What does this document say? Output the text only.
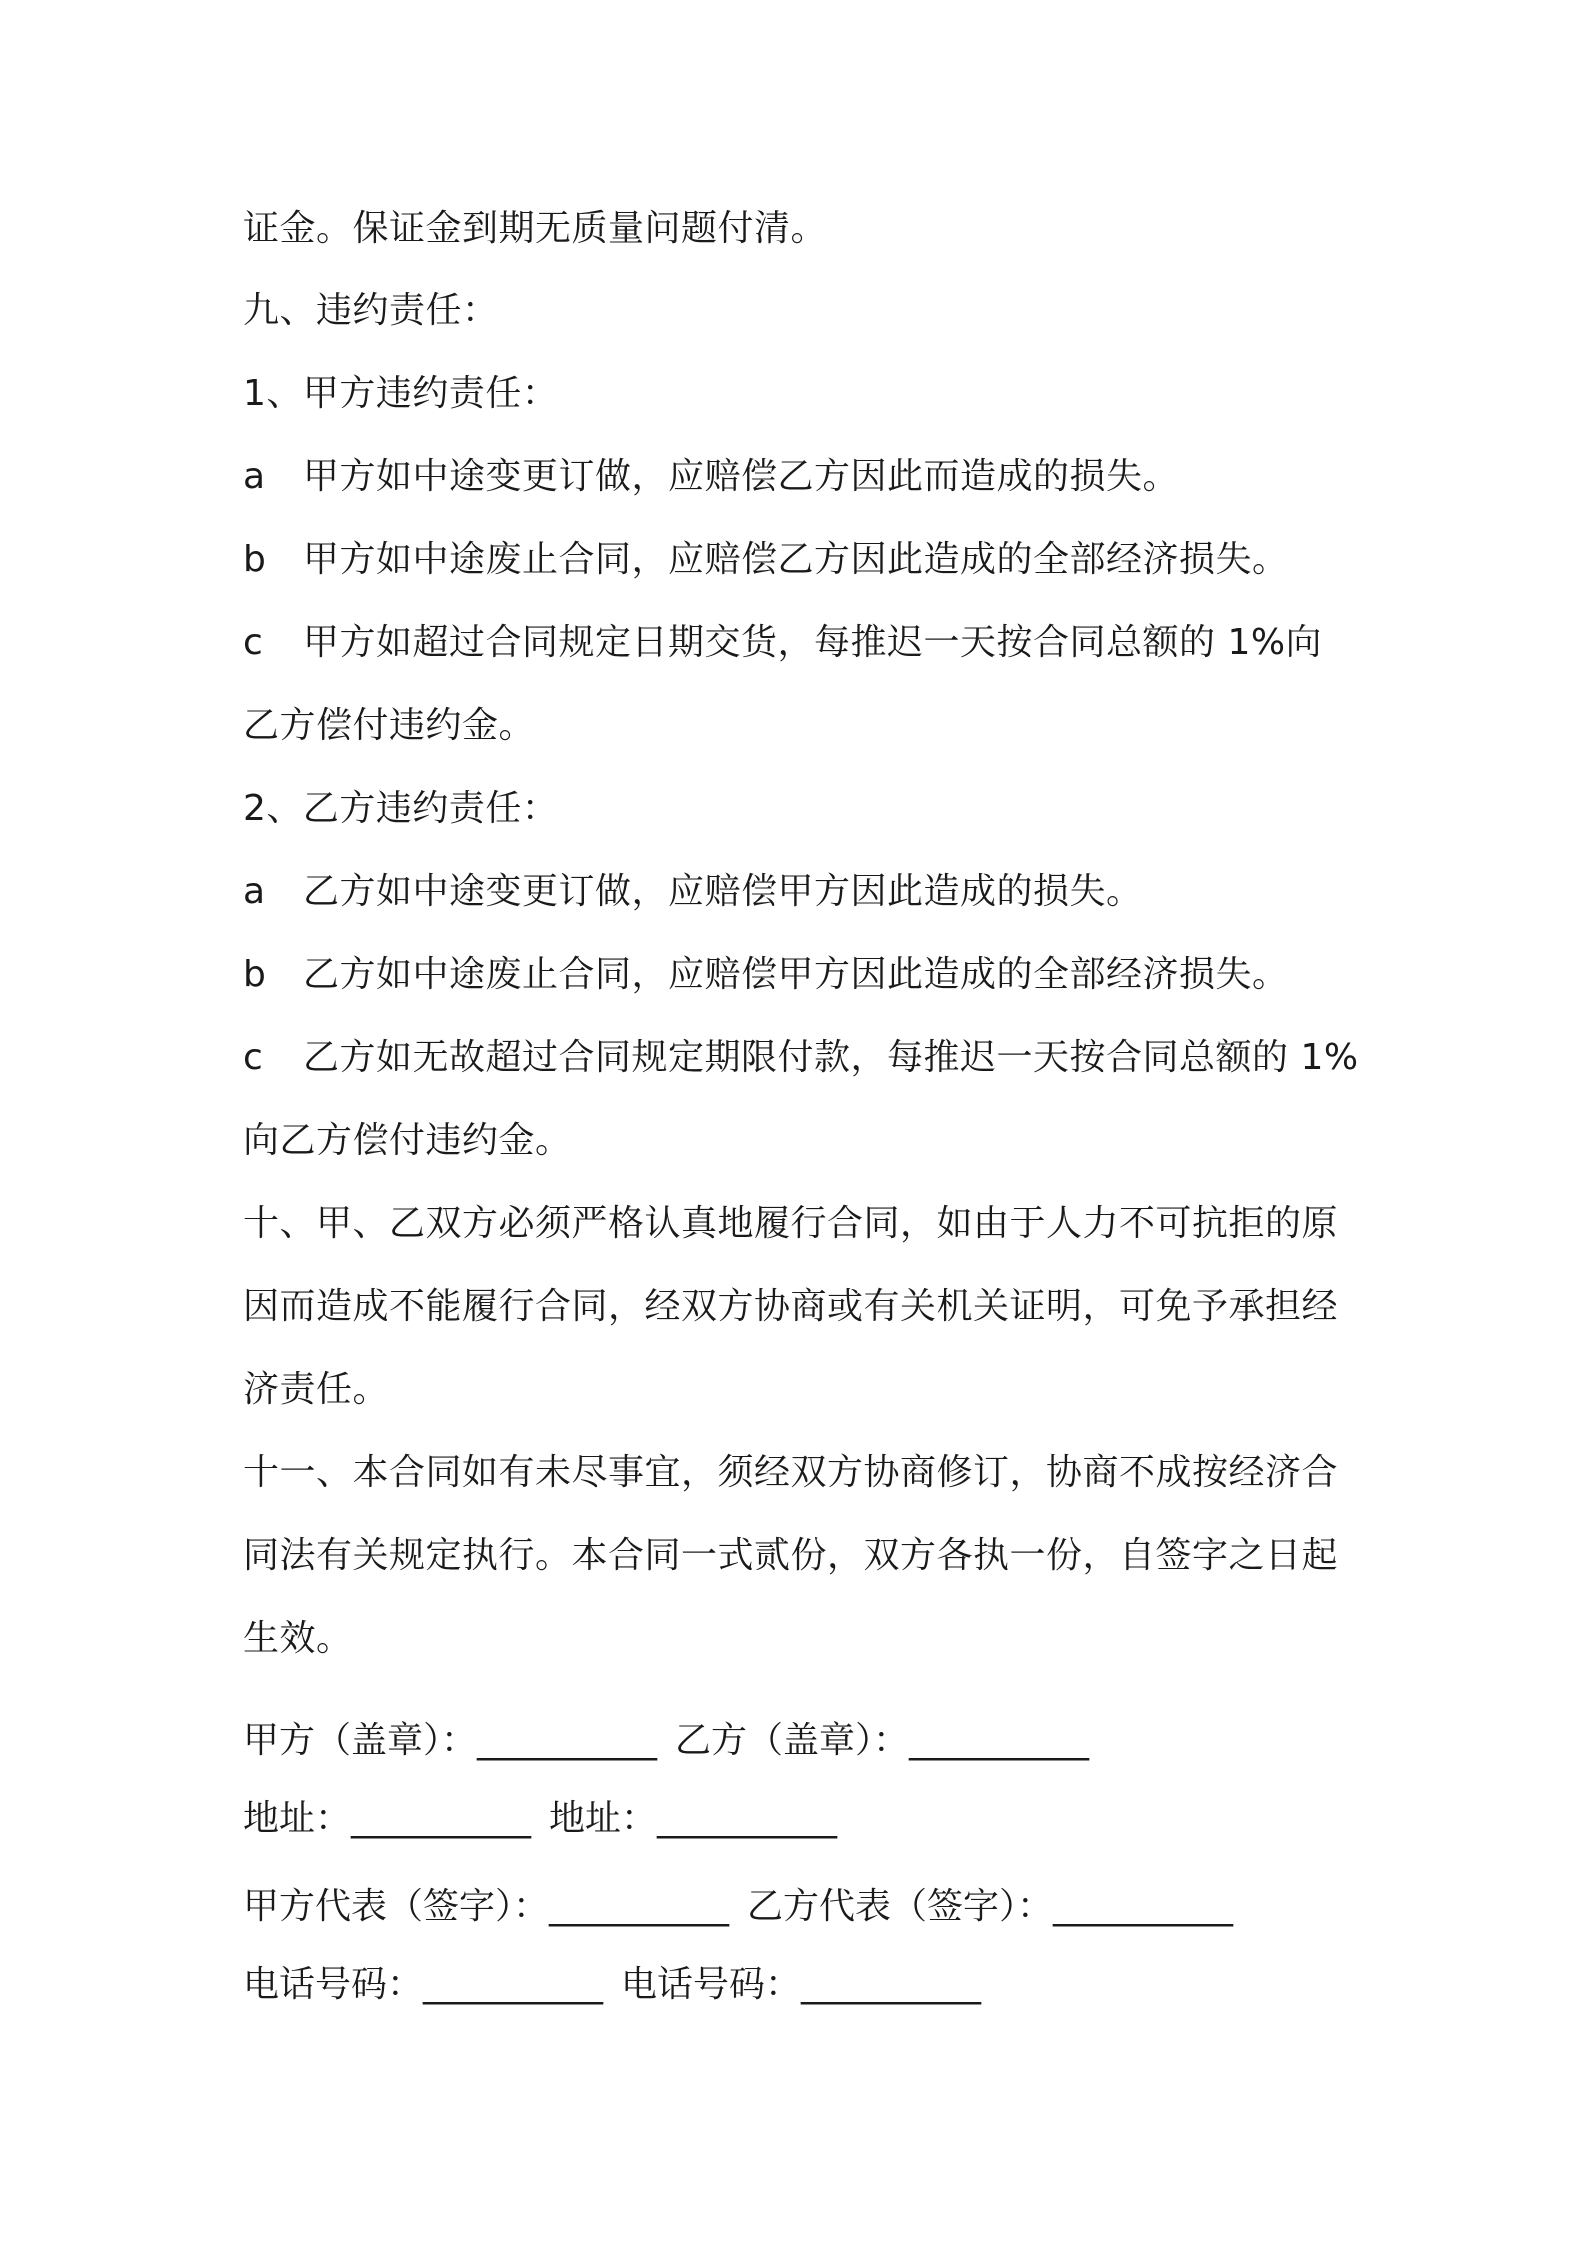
证金。保证金到期无质量问题付清。
九、违约责任：
1、甲方违约责任：
a 甲方如中途变更订做，应赔偿乙方因此而造成的损失。
b 甲方如中途废止合同，应赔偿乙方因此造成的全部经济损失。
c 甲方如超过合同规定日期交货，每推迟一天按合同总额的 1%向
乙方偿付违约金。
2、乙方违约责任：
a 乙方如中途变更订做，应赔偿甲方因此造成的损失。
b 乙方如中途废止合同，应赔偿甲方因此造成的全部经济损失。
c 乙方如无故超过合同规定期限付款，每推迟一天按合同总额的 1%
向乙方偿付违约金。
十、甲、乙双方必须严格认真地履行合同，如由于人力不可抗拒的原
因而造成不能履行合同，经双方协商或有关机关证明，可免予承担经
济责任。
十一、本合同如有未尽事宜，须经双方协商修订，协商不成按经济合
同法有关规定执行。本合同一式贰份，双方各执一份，自签字之日起
生效。
甲方（盖章）：__________ 乙方（盖章）：__________
地址：__________ 地址：__________
甲方代表（签字）：__________ 乙方代表（签字）：__________
电话号码：__________ 电话号码：__________
